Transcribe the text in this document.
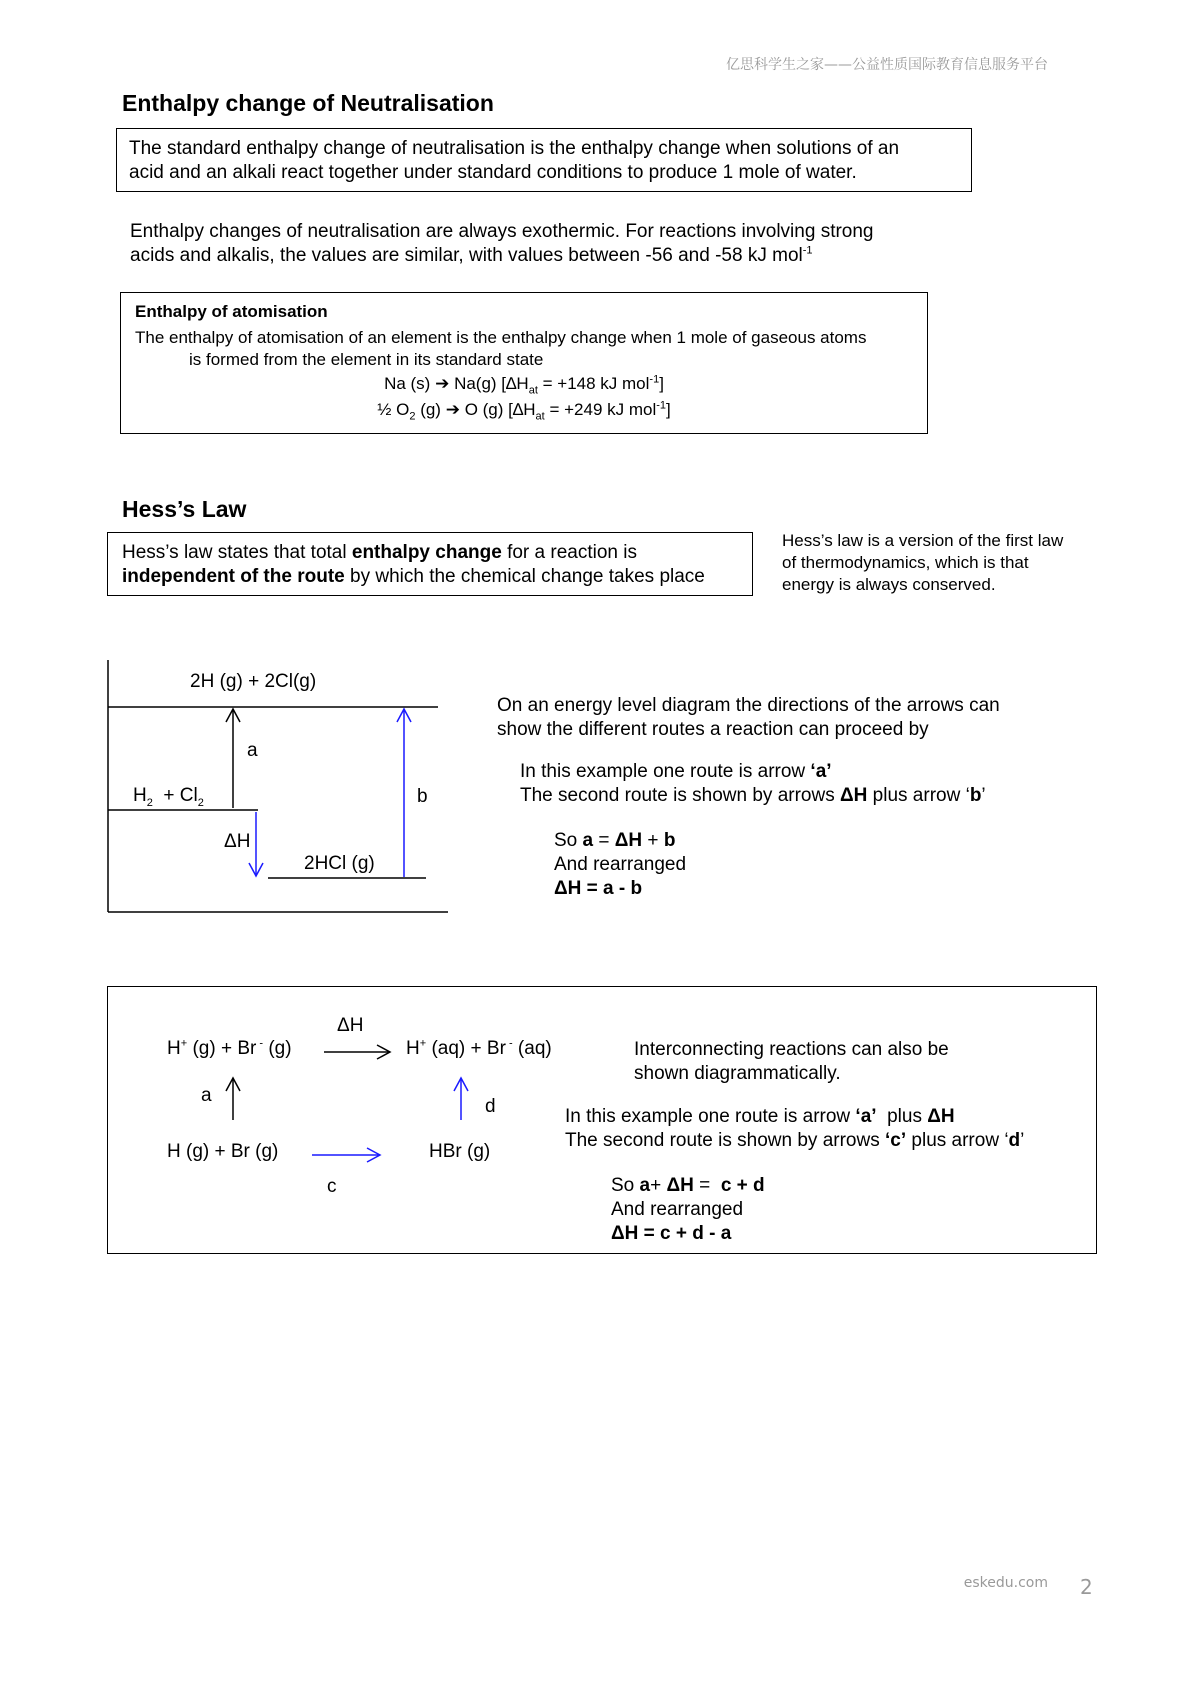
亿思科学生之家——公益性质国际教育信息服务平台
Enthalpy change of Neutralisation
The standard enthalpy change of neutralisation is the enthalpy change when solutions of an
acid and an alkali react together under standard conditions to produce 1 mole of water.
Enthalpy changes of neutralisation are always exothermic. For reactions involving strong
acids and alkalis, the values are similar, with values between -56 and -58 kJ mol$^{-1}$
Enthalpy of atomisation
The enthalpy of atomisation of an element is the enthalpy change when 1 mole of gaseous atoms
is formed from the element in its standard state
Na (s) ➔ Na(g) [$\Delta H_{at} = +148$ kJ mol$^{-1}$]
½ $O_2$ (g) ➔ O (g) [$\Delta H_{at} = +249$ kJ mol$^{-1}$]
Hess’s Law
Hess’s law states that total enthalpy change for a reaction is
independent of the route by which the chemical change takes place
Hess’s law is a version of the first law
of thermodynamics, which is that
energy is always conserved.
2H (g) + 2Cl(g)
$H_2 + Cl_2$
2HCl (g)
a
b
ΔH
On an energy level diagram the directions of the arrows can
show the different routes a reaction can proceed by
In this example one route is arrow ‘a’
The second route is shown by arrows ΔH plus arrow ‘b’
So a = ΔH + b
And rearranged
ΔH = a - b
H+ (g) + Br - (g)	H+ (aq) + Br - (aq)
H (g) + Br (g)	HBr (g)
ΔH
a
c
d
Interconnecting reactions can also be
shown diagrammatically.
In this example one route is arrow ‘a’  plus ΔH
The second route is shown by arrows ‘c’ plus arrow ‘d’
So a+ ΔH =  c + d
And rearranged
ΔH = c + d - a
eskedu.com 2
